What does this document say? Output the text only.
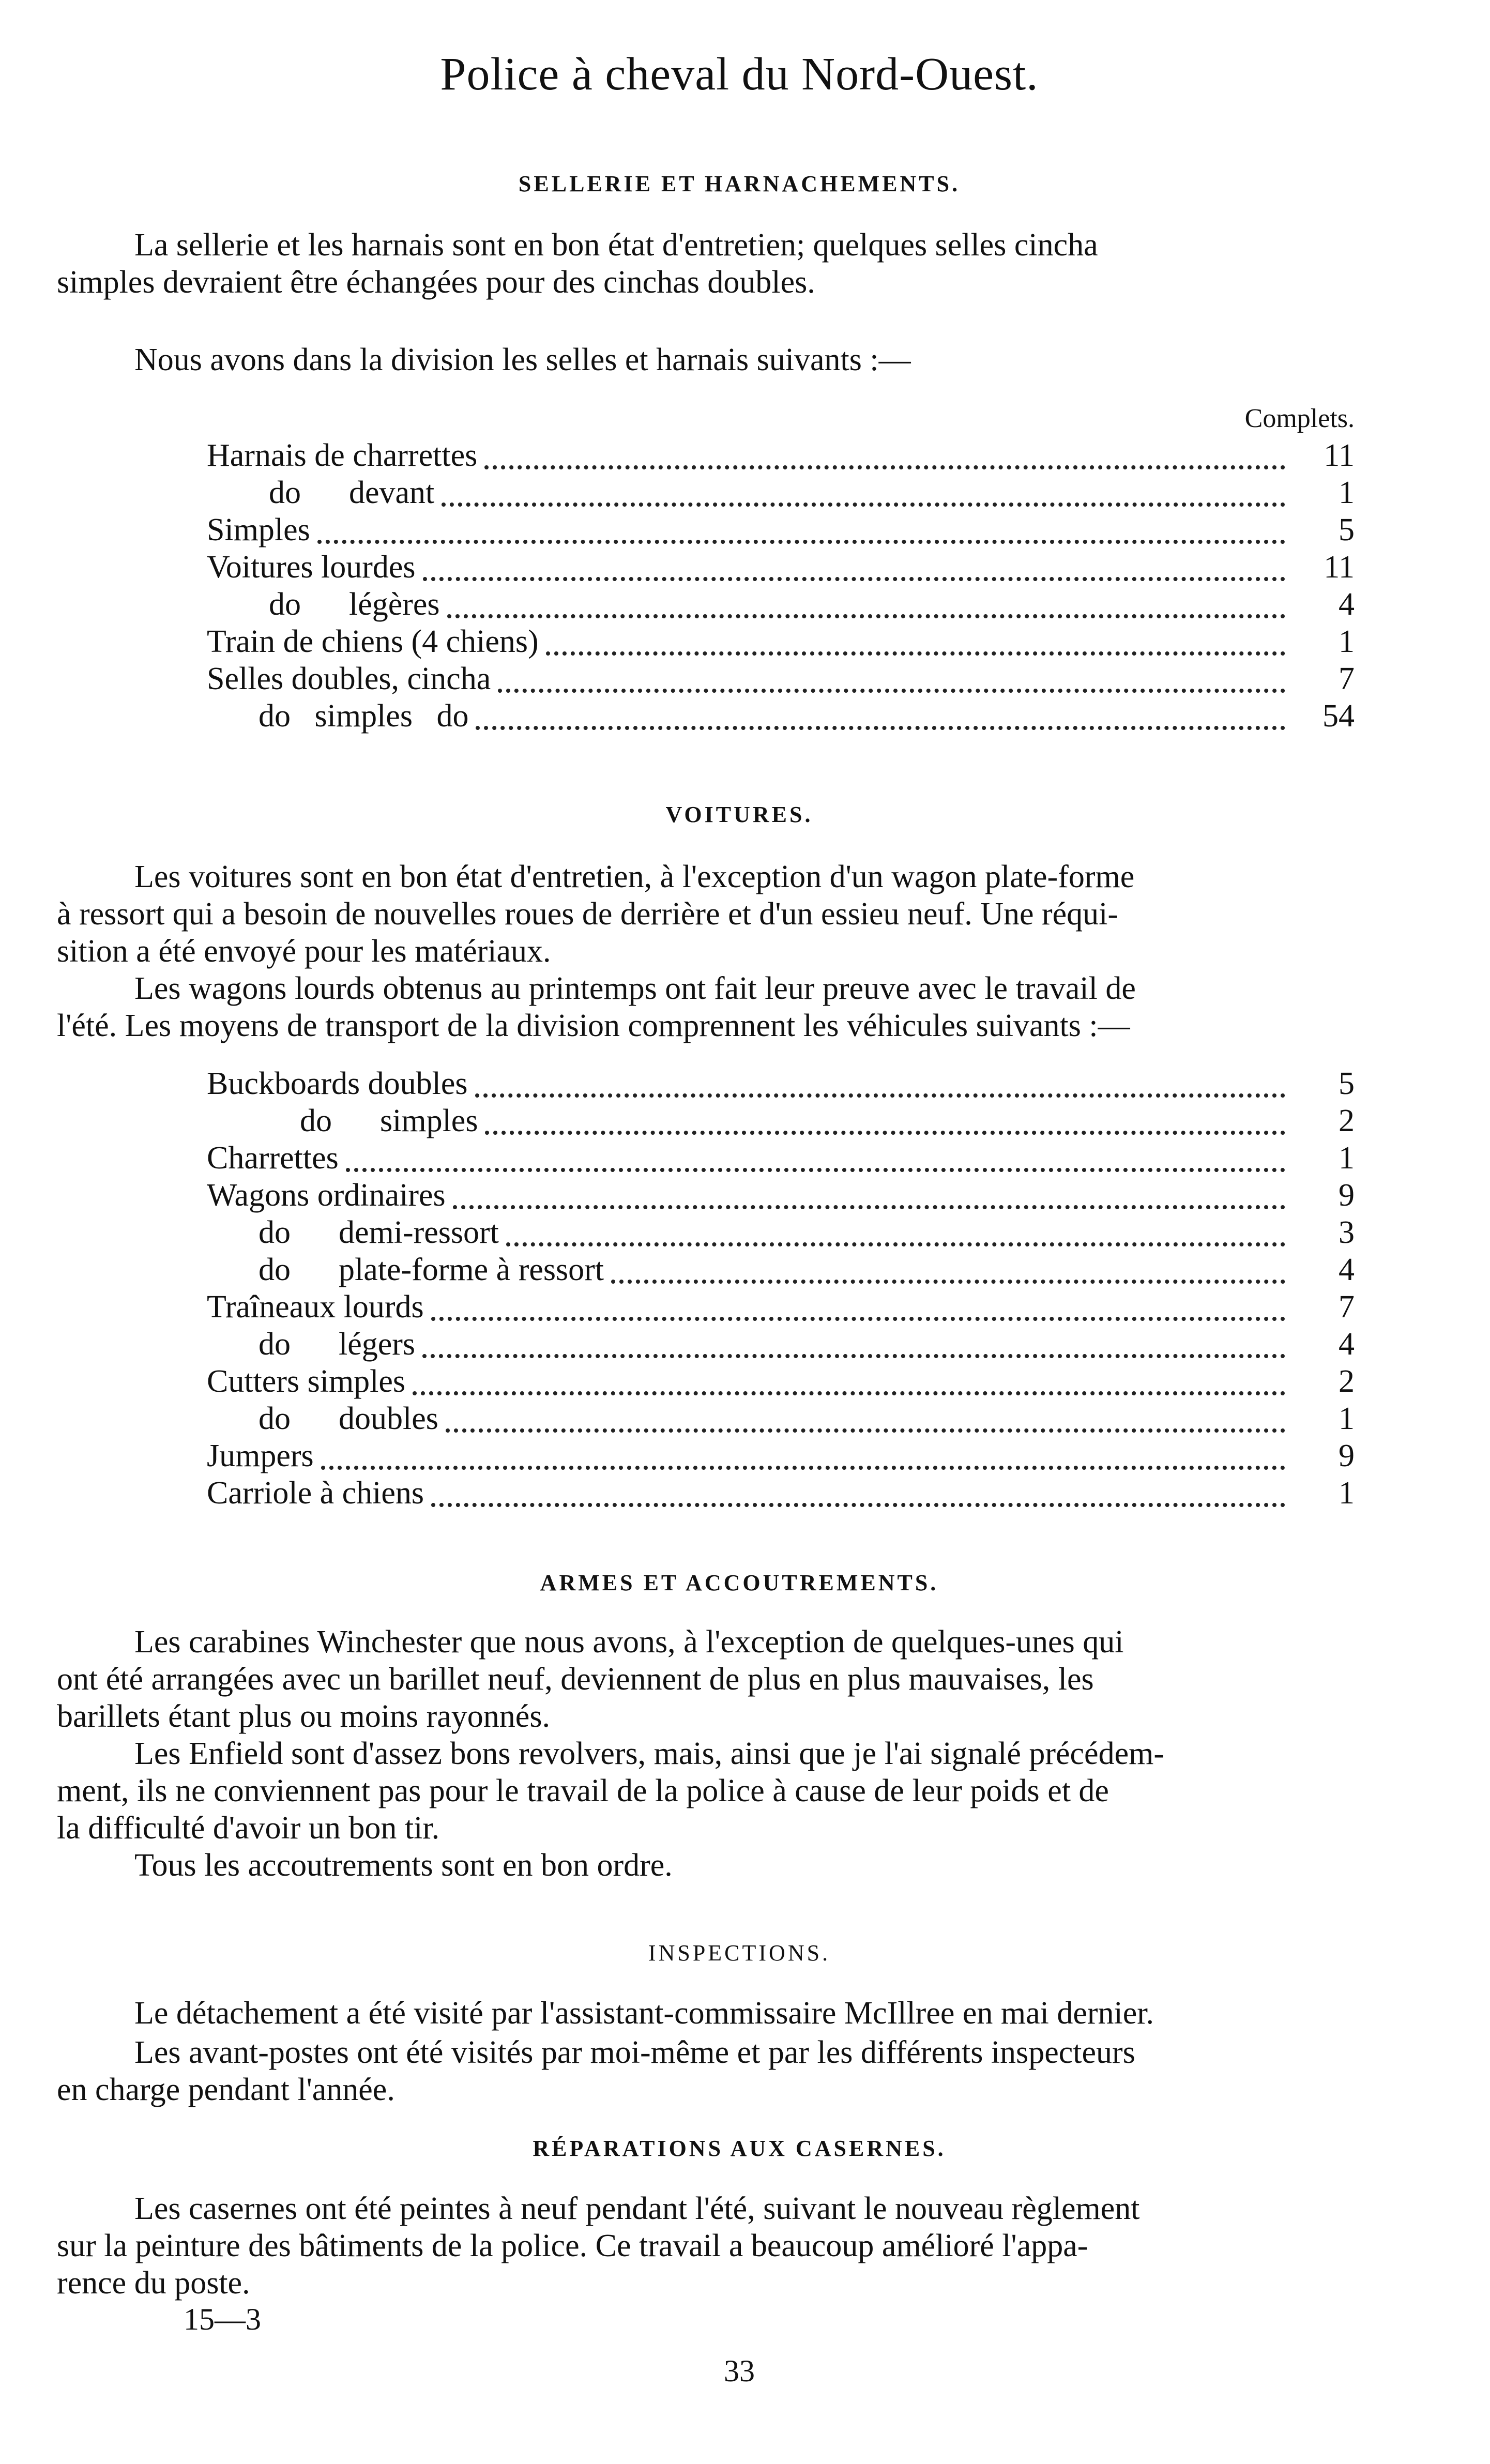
Police à cheval du Nord-Ouest.
SELLERIE ET HARNACHEMENTS.

La sellerie et les harnais sont en bon état d'entretien; quelques selles cincha
simples devraient être échangées pour des cinchas doubles.

Nous avons dans la division les selles et harnais suivants :—

Complets.
Harnais de charrettes	11
do      devant	1
Simples	5
Voitures lourdes	11
do      légères	4
Train de chiens (4 chiens)	1
Selles doubles, cincha	7
do   simples   do	54
VOITURES.

Les voitures sont en bon état d'entretien, à l'exception d'un wagon plate-forme
à ressort qui a besoin de nouvelles roues de derrière et d'un essieu neuf. Une réqui-
sition a été envoyé pour les matériaux.

Les wagons lourds obtenus au printemps ont fait leur preuve avec le travail de
l'été. Les moyens de transport de la division comprennent les véhicules suivants :—

Buckboards doubles	5
do      simples	2
Charrettes	1
Wagons ordinaires	9
do      demi-ressort	3
do      plate-forme à ressort	4
Traîneaux lourds	7
do      légers	4
Cutters simples	2
do      doubles	1
Jumpers	9
Carriole à chiens	1
ARMES ET ACCOUTREMENTS.

Les carabines Winchester que nous avons, à l'exception de quelques-unes qui
ont été arrangées avec un barillet neuf, deviennent de plus en plus mauvaises, les
barillets étant plus ou moins rayonnés.

Les Enfield sont d'assez bons revolvers, mais, ainsi que je l'ai signalé précédem-
ment, ils ne conviennent pas pour le travail de la police à cause de leur poids et de
la difficulté d'avoir un bon tir.

Tous les accoutrements sont en bon ordre.

INSPECTIONS.

Le détachement a été visité par l'assistant-commissaire McIllree en mai dernier.

Les avant-postes ont été visités par moi-même et par les différents inspecteurs
en charge pendant l'année.

RÉPARATIONS AUX CASERNES.

Les casernes ont été peintes à neuf pendant l'été, suivant le nouveau règlement
sur la peinture des bâtiments de la police. Ce travail a beaucoup amélioré l'appa-
rence du poste.

15—3
33
